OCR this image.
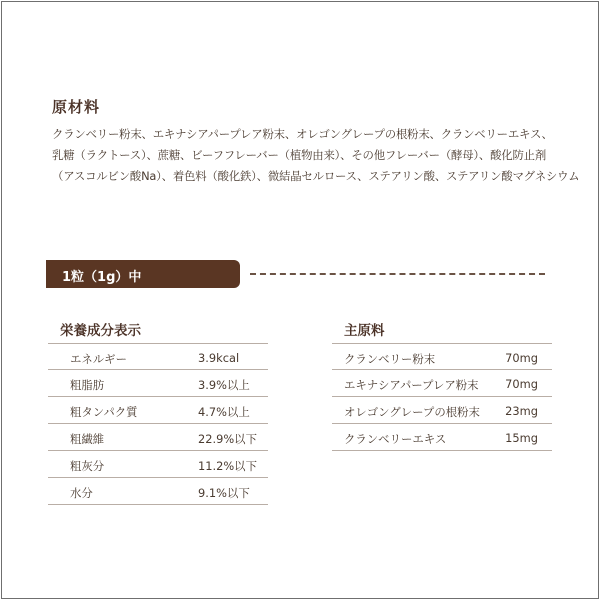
原材料
クランベリー粉末、エキナシアパープレア粉末、オレゴングレープの根粉末、クランベリーエキス、
乳糖（ラクトース）、蔗糖、ビーフフレーバー（植物由来）、その他フレーバー（酵母）、酸化防止剤
（アスコルビン酸Na）、着色料（酸化鉄）、微結晶セルロース、ステアリン酸、ステアリン酸マグネシウム
1粒（1g）中
栄養成分表示	主原料
エネルギー	3.9kcal
粗脂肪	3.9%以上
粗タンパク質	4.7%以上
粗繊維	22.9%以下
粗灰分	11.2%以下
水分	9.1%以下
クランベリー粉末	70mg
エキナシアパープレア粉末 70mg
オレゴングレープの根粉末 23mg
クランベリーエキス	15mg
